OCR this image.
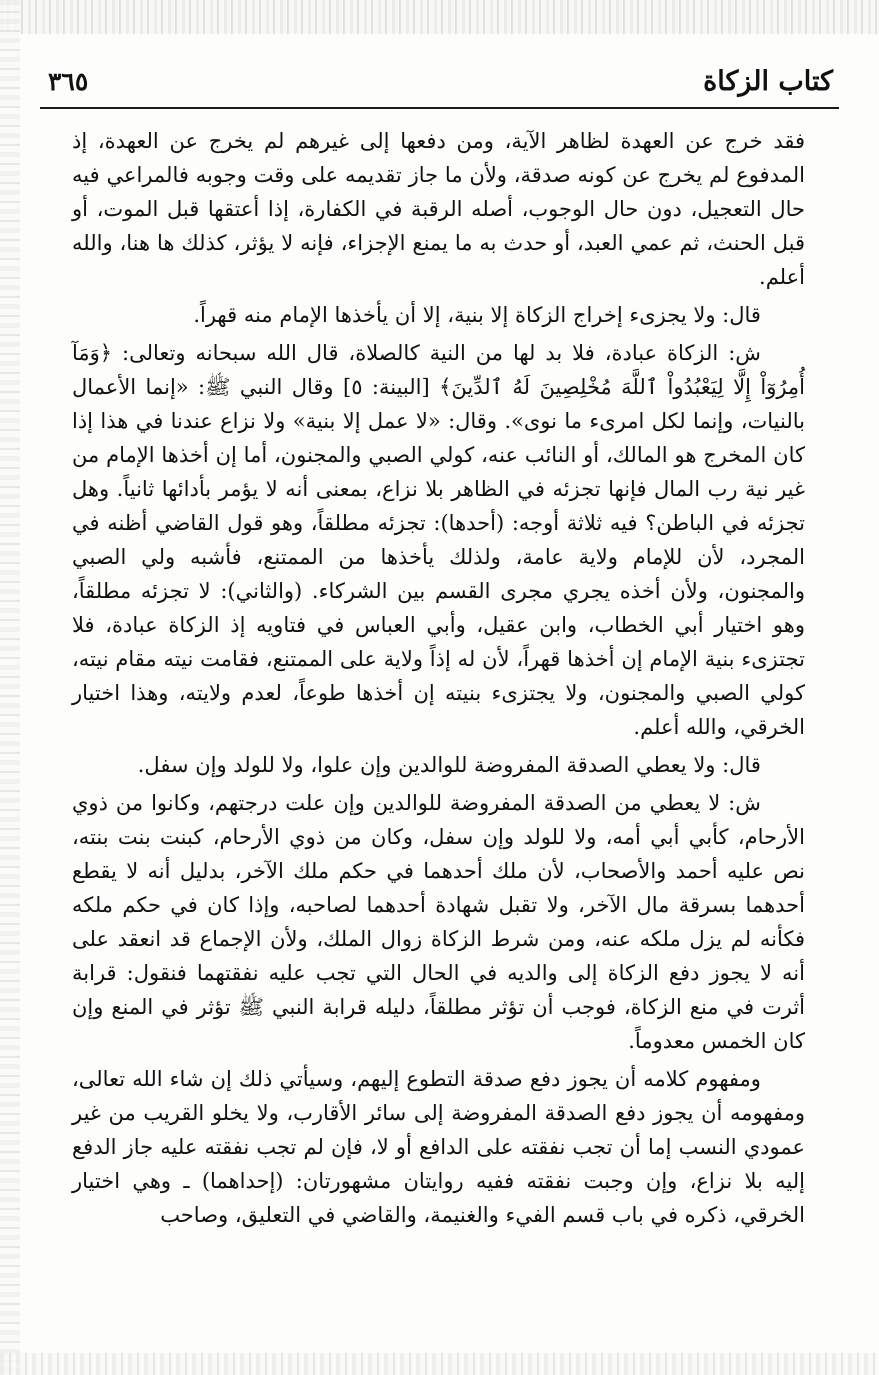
كتاب الزكاة
٣٦٥

فقد خرج عن العهدة لظاهر الآية، ومن دفعها إلى غيرهم لم يخرج عن العهدة، إذ المدفوع لم يخرج عن كونه صدقة، ولأن ما جاز تقديمه على وقت وجوبه فالمراعي فيه حال التعجيل، دون حال الوجوب، أصله الرقبة في الكفارة، إذا أعتقها قبل الموت، أو قبل الحنث، ثم عمي العبد، أو حدث به ما يمنع الإجزاء، فإنه لا يؤثر، كذلك ها هنا، والله أعلم.

قال: ولا يجزىء إخراج الزكاة إلا بنية، إلا أن يأخذها الإمام منه قهراً.

ش: الزكاة عبادة، فلا بد لها من النية كالصلاة، قال الله سبحانه وتعالى: ﴿وَمَآ أُمِرُوٓاْ إِلَّا لِيَعْبُدُواْ ٱللَّهَ مُخْلِصِينَ لَهُ ٱلدِّينَ﴾ [البينة: ٥] وقال النبي ﷺ: «إنما الأعمال بالنيات، وإنما لكل امرىء ما نوى». وقال: «لا عمل إلا بنية» ولا نزاع عندنا في هذا إذا كان المخرج هو المالك، أو النائب عنه، كولي الصبي والمجنون، أما إن أخذها الإمام من غير نية رب المال فإنها تجزئه في الظاهر بلا نزاع، بمعنى أنه لا يؤمر بأدائها ثانياً. وهل تجزئه في الباطن؟ فيه ثلاثة أوجه: (أحدها): تجزئه مطلقاً، وهو قول القاضي أظنه في المجرد، لأن للإمام ولاية عامة، ولذلك يأخذها من الممتنع، فأشبه ولي الصبي والمجنون، ولأن أخذه يجري مجرى القسم بين الشركاء. (والثاني): لا تجزئه مطلقاً، وهو اختيار أبي الخطاب، وابن عقيل، وأبي العباس في فتاويه إذ الزكاة عبادة، فلا تجتزىء بنية الإمام إن أخذها قهراً، لأن له إذاً ولاية على الممتنع، فقامت نيته مقام نيته، كولي الصبي والمجنون، ولا يجتزىء بنيته إن أخذها طوعاً، لعدم ولايته، وهذا اختيار الخرقي، والله أعلم.

قال: ولا يعطي الصدقة المفروضة للوالدين وإن علوا، ولا للولد وإن سفل.

ش: لا يعطي من الصدقة المفروضة للوالدين وإن علت درجتهم، وكانوا من ذوي الأرحام، كأبي أبي أمه، ولا للولد وإن سفل، وكان من ذوي الأرحام، كبنت بنت بنته، نص عليه أحمد والأصحاب، لأن ملك أحدهما في حكم ملك الآخر، بدليل أنه لا يقطع أحدهما بسرقة مال الآخر، ولا تقبل شهادة أحدهما لصاحبه، وإذا كان في حكم ملكه فكأنه لم يزل ملكه عنه، ومن شرط الزكاة زوال الملك، ولأن الإجماع قد انعقد على أنه لا يجوز دفع الزكاة إلى والديه في الحال التي تجب عليه نفقتهما فنقول: قرابة أثرت في منع الزكاة، فوجب أن تؤثر مطلقاً، دليله قرابة النبي ﷺ تؤثر في المنع وإن كان الخمس معدوماً.

ومفهوم كلامه أن يجوز دفع صدقة التطوع إليهم، وسيأتي ذلك إن شاء الله تعالى، ومفهومه أن يجوز دفع الصدقة المفروضة إلى سائر الأقارب، ولا يخلو القريب من غير عمودي النسب إما أن تجب نفقته على الدافع أو لا، فإن لم تجب نفقته عليه جاز الدفع إليه بلا نزاع، وإن وجبت نفقته ففيه روايتان مشهورتان: (إحداهما) ـ وهي اختيار الخرقي، ذكره في باب قسم الفيء والغنيمة، والقاضي في التعليق، وصاحب
